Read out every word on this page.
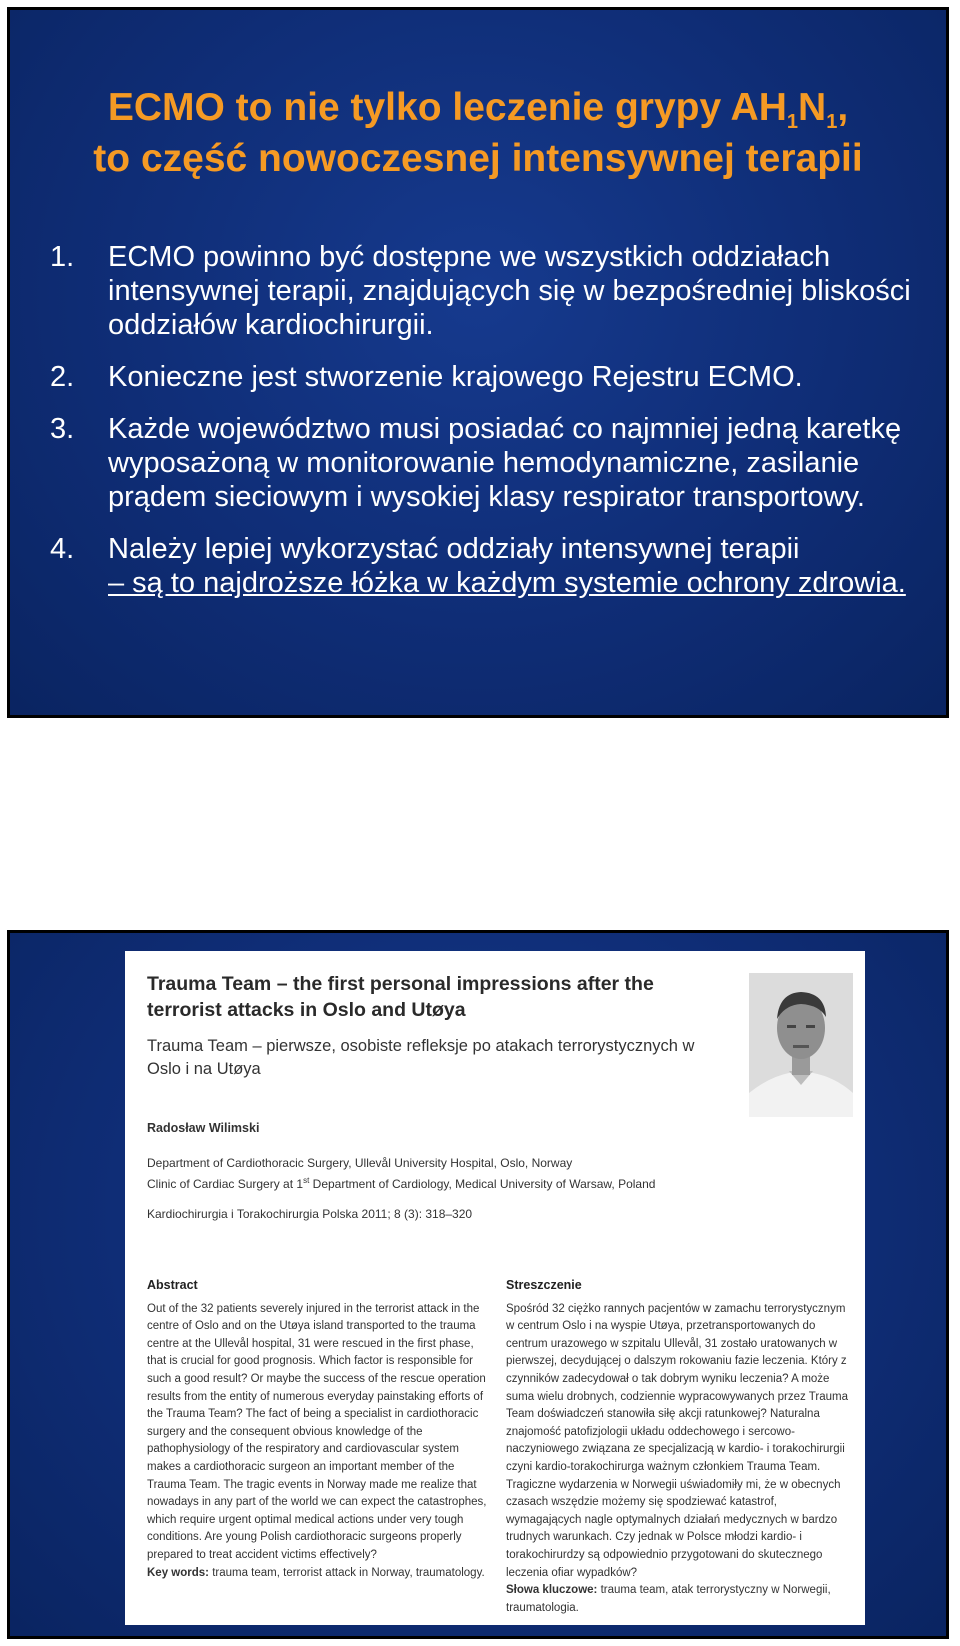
ECMO to nie tylko leczenie grypy $AH_1N_1$,
to część nowoczesnej intensywnej terapii
1.	ECMO powinno być dostępne we wszystkich oddziałach intensywnej terapii, znajdujących się w bezpośredniej bliskości oddziałów kardiochirurgii.
2.	Konieczne jest stworzenie krajowego Rejestru ECMO.
3.	Każde województwo musi posiadać co najmniej jedną karetkę wyposażoną w monitorowanie hemodynamiczne, zasilanie prądem sieciowym i wysokiej klasy respirator transportowy.
4.	Należy lepiej wykorzystać oddziały intensywnej terapii
– są to najdroższe łóżka w każdym systemie ochrony zdrowia.
Trauma Team – the first personal impressions after the terrorist attacks in Oslo and Utøya
Trauma Team – pierwsze, osobiste refleksje po atakach terrorystycznych w Oslo i na Utøya
Radosław Wilimski
Department of Cardiothoracic Surgery, Ullevål University Hospital, Oslo, Norway
Clinic of Cardiac Surgery at 1st Department of Cardiology, Medical University of Warsaw, Poland
Kardiochirurgia i Torakochirurgia Polska 2011; 8 (3): 318–320
Abstract
Out of the 32 patients severely injured in the terrorist attack in the centre of Oslo and on the Utøya island transported to the trauma centre at the Ullevål hospital, 31 were rescued in the first phase, that is crucial for good prognosis. Which factor is responsible for such a good result? Or maybe the success of the rescue operation results from the entity of numerous everyday painstaking efforts of the Trauma Team? The fact of being a specialist in cardiothoracic surgery and the consequent obvious knowledge of the pathophysiology of the respiratory and cardiovascular system makes a cardiothoracic surgeon an important member of the Trauma Team. The tragic events in Norway made me realize that nowadays in any part of the world we can expect the catastrophes, which require urgent optimal medical actions under very tough conditions. Are young Polish cardiothoracic surgeons properly prepared to treat accident victims effectively?
Key words: trauma team, terrorist attack in Norway, traumatology.
Streszczenie
Spośród 32 ciężko rannych pacjentów w zamachu terrorystycznym w centrum Oslo i na wyspie Utøya, przetransportowanych do centrum urazowego w szpitalu Ullevål, 31 zostało uratowanych w pierwszej, decydującej o dalszym rokowaniu fazie leczenia. Który z czynników zadecydował o tak dobrym wyniku leczenia? A może suma wielu drobnych, codziennie wypracowywanych przez Trauma Team doświadczeń stanowiła siłę akcji ratunkowej? Naturalna znajomość patofizjologii układu oddechowego i sercowo-naczyniowego związana ze specjalizacją w kardio- i torakochirurgii czyni kardio-torakochirurga ważnym członkiem Trauma Team. Tragiczne wydarzenia w Norwegii uświadomiły mi, że w obecnych czasach wszędzie możemy się spodziewać katastrof, wymagających nagle optymalnych działań medycznych w bardzo trudnych warunkach. Czy jednak w Polsce młodzi kardio- i torakochirurdzy są odpowiednio przygotowani do skutecznego leczenia ofiar wypadków?
Słowa kluczowe: trauma team, atak terrorystyczny w Norwegii, traumatologia.
